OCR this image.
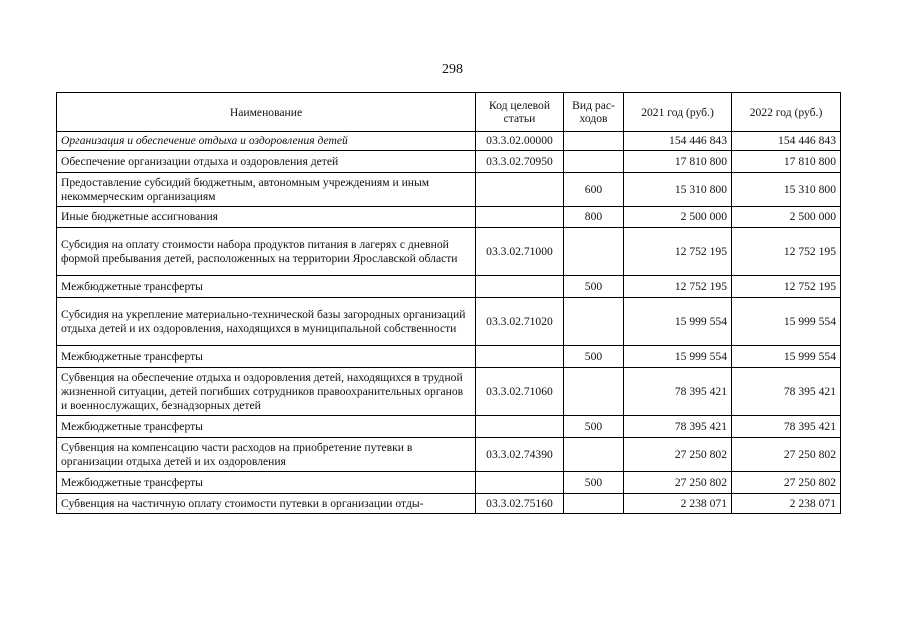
298
Наименование	Код целевой статьи	Вид рас-ходов	2021 год (руб.)	2022 год (руб.)
Организация и обеспечение отдыха и оздоровления детей	03.3.02.00000		154 446 843	154 446 843
Обеспечение организации отдыха и оздоровления детей	03.3.02.70950		17 810 800	17 810 800
Предоставление субсидий бюджетным, автономным учреждениям и иным некоммерческим организациям		600	15 310 800	15 310 800
Иные бюджетные ассигнования		800	2 500 000	2 500 000
Субсидия на оплату стоимости набора продуктов питания в лагерях с дневной формой пребывания детей, расположенных на территории Ярославской области	03.3.02.71000		12 752 195	12 752 195
Межбюджетные трансферты		500	12 752 195	12 752 195
Субсидия на укрепление материально-технической базы загородных организаций отдыха детей и их оздоровления, находящихся в муниципальной собственности	03.3.02.71020		15 999 554	15 999 554
Межбюджетные трансферты		500	15 999 554	15 999 554
Субвенция на обеспечение отдыха и оздоровления детей, находящихся в трудной жизненной ситуации, детей погибших сотрудников правоохранительных органов и военнослужащих, безнадзорных детей	03.3.02.71060		78 395 421	78 395 421
Межбюджетные трансферты		500	78 395 421	78 395 421
Субвенция на компенсацию части расходов на приобретение путевки в организации отдыха детей и их оздоровления	03.3.02.74390		27 250 802	27 250 802
Межбюджетные трансферты		500	27 250 802	27 250 802
Субвенция на частичную оплату стоимости путевки в организации отды-	03.3.02.75160		2 238 071	2 238 071
